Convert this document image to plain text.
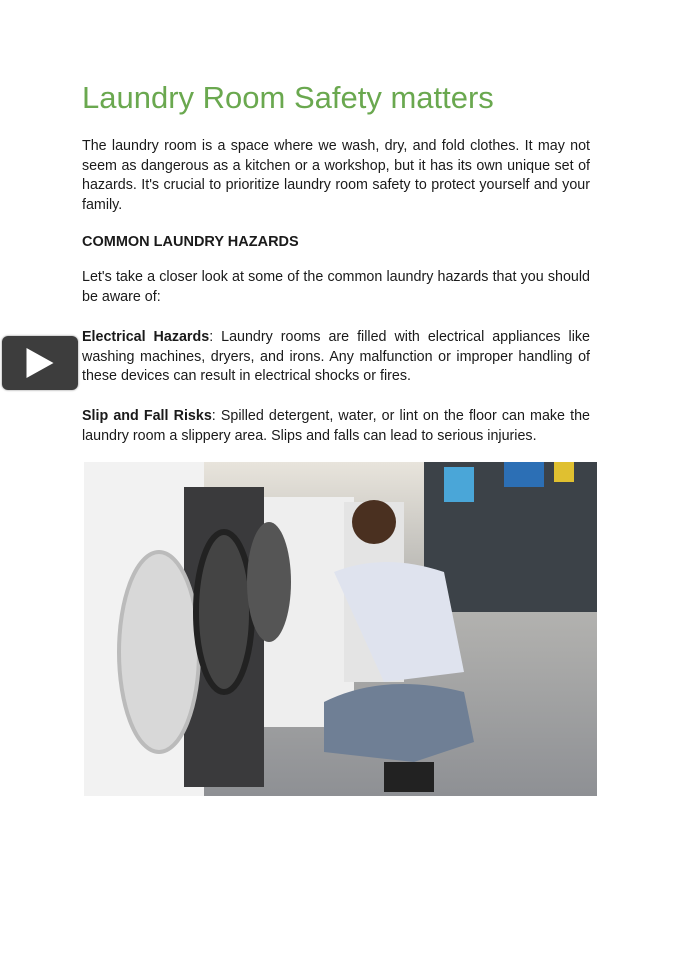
Laundry Room Safety matters

The laundry room is a space where we wash, dry, and fold clothes. It may not seem as dangerous as a kitchen or a workshop, but it has its own unique set of hazards. It's crucial to prioritize laundry room safety to protect yourself and your family.

COMMON LAUNDRY HAZARDS

Let's take a closer look at some of the common laundry hazards that you should be aware of:

Electrical Hazards: Laundry rooms are filled with electrical appliances like washing machines, dryers, and irons. Any malfunction or improper handling of these devices can result in electrical shocks or fires.

Slip and Fall Risks: Spilled detergent, water, or lint on the floor can make the laundry room a slippery area. Slips and falls can lead to serious injuries.
